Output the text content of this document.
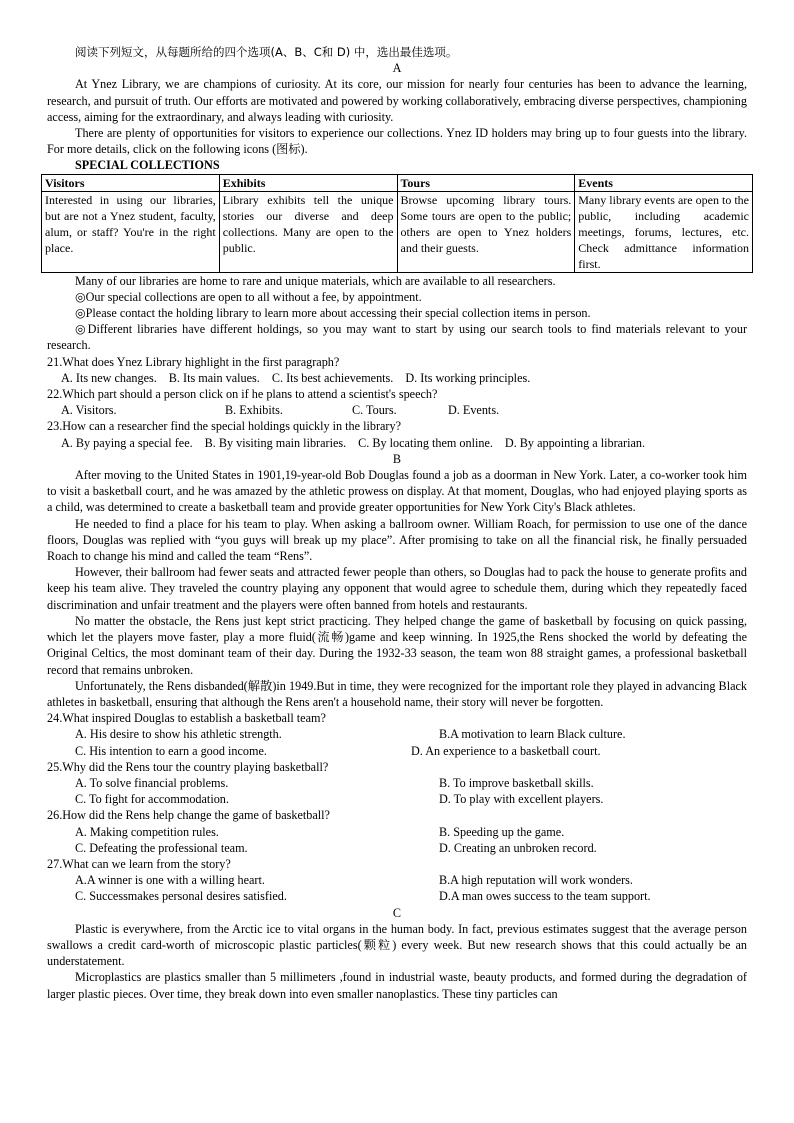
阅读下列短文，从每题所给的四个选项(A、B、C和 D) 中，选出最佳选项。

A

At Ynez Library, we are champions of curiosity. At its core, our mission for nearly four centuries has been to advance the learning, research, and pursuit of truth. Our efforts are motivated and powered by working collaboratively, embracing diverse perspectives, championing access, aiming for the extraordinary, and always leading with curiosity.

There are plenty of opportunities for visitors to experience our collections. Ynez ID holders may bring up to four guests into the library. For more details, click on the following icons (图标).

SPECIAL COLLECTIONS

Visitors	Exhibits	Tours	Events
Interested in using our libraries, but are not a Ynez student, faculty, alum, or staff? You're in the right place.	Library exhibits tell the unique stories our diverse and deep collections. Many are open to the public.	Browse upcoming library tours. Some tours are open to the public; others are open to Ynez holders and their guests.	Many library events are open to the public, including academic meetings, forums, lectures, etc. Check admittance information first.

Many of our libraries are home to rare and unique materials, which are available to all researchers.

◎Our special collections are open to all without a fee, by appointment.

◎Please contact the holding library to learn more about accessing their special collection items in person.

◎Different libraries have different holdings, so you may want to start by using our search tools to find materials relevant to your research.

21.What does Ynez Library highlight in the first paragraph?

A. Its new changes. B. Its main values. C. Its best achievements. D. Its working principles.

22.Which part should a person click on if he plans to attend a scientist's speech?

A. Visitors.	B. Exhibits.	C. Tours.	D. Events.

23.How can a researcher find the special holdings quickly in the library?

A. By paying a special fee. B. By visiting main libraries. C. By locating them online. D. By appointing a librarian.

B

After moving to the United States in 1901,19-year-old Bob Douglas found a job as a doorman in New York. Later, a co-worker took him to visit a basketball court, and he was amazed by the athletic prowess on display. At that moment, Douglas, who had enjoyed playing sports as a child, was determined to create a basketball team and provide greater opportunities for New York City's Black athletes.

He needed to find a place for his team to play. When asking a ballroom owner. William Roach, for permission to use one of the dance floors, Douglas was replied with “you guys will break up my place”. After promising to take on all the financial risk, he finally persuaded Roach to change his mind and called the team “Rens”.

However, their ballroom had fewer seats and attracted fewer people than others, so Douglas had to pack the house to generate profits and keep his team alive. They traveled the country playing any opponent that would agree to schedule them, during which they repeatedly faced discrimination and unfair treatment and the players were often banned from hotels and restaurants.

No matter the obstacle, the Rens just kept strict practicing. They helped change the game of basketball by focusing on quick passing, which let the players move faster, play a more fluid(流畅)game and keep winning. In 1925,the Rens shocked the world by defeating the Original Celtics, the most dominant team of their day. During the 1932-33 season, the team won 88 straight games, a professional basketball record that remains unbroken.

Unfortunately, the Rens disbanded(解散)in 1949.But in time, they were recognized for the important role they played in advancing Black athletes in basketball, ensuring that although the Rens aren't a household name, their story will never be forgotten.

24.What inspired Douglas to establish a basketball team?

A. His desire to show his athletic strength.	B.A motivation to learn Black culture.
C. His intention to earn a good income.	D. An experience to a basketball court.

25.Why did the Rens tour the country playing basketball?

A. To solve financial problems.	B. To improve basketball skills.
C. To fight for accommodation.	D. To play with excellent players.

26.How did the Rens help change the game of basketball?

A. Making competition rules.	B. Speeding up the game.
C. Defeating the professional team.	D. Creating an unbroken record.

27.What can we learn from the story?

A.A winner is one with a willing heart.	B.A high reputation will work wonders.
C. Successmakes personal desires satisfied.	D.A man owes success to the team support.

C

Plastic is everywhere, from the Arctic ice to vital organs in the human body. In fact, previous estimates suggest that the average person swallows a credit card-worth of microscopic plastic particles(颗粒) every week. But new research shows that this could actually be an understatement.

Microplastics are plastics smaller than 5 millimeters ,found in industrial waste, beauty products, and formed during the degradation of larger plastic pieces. Over time, they break down into even smaller nanoplastics. These tiny particles can
